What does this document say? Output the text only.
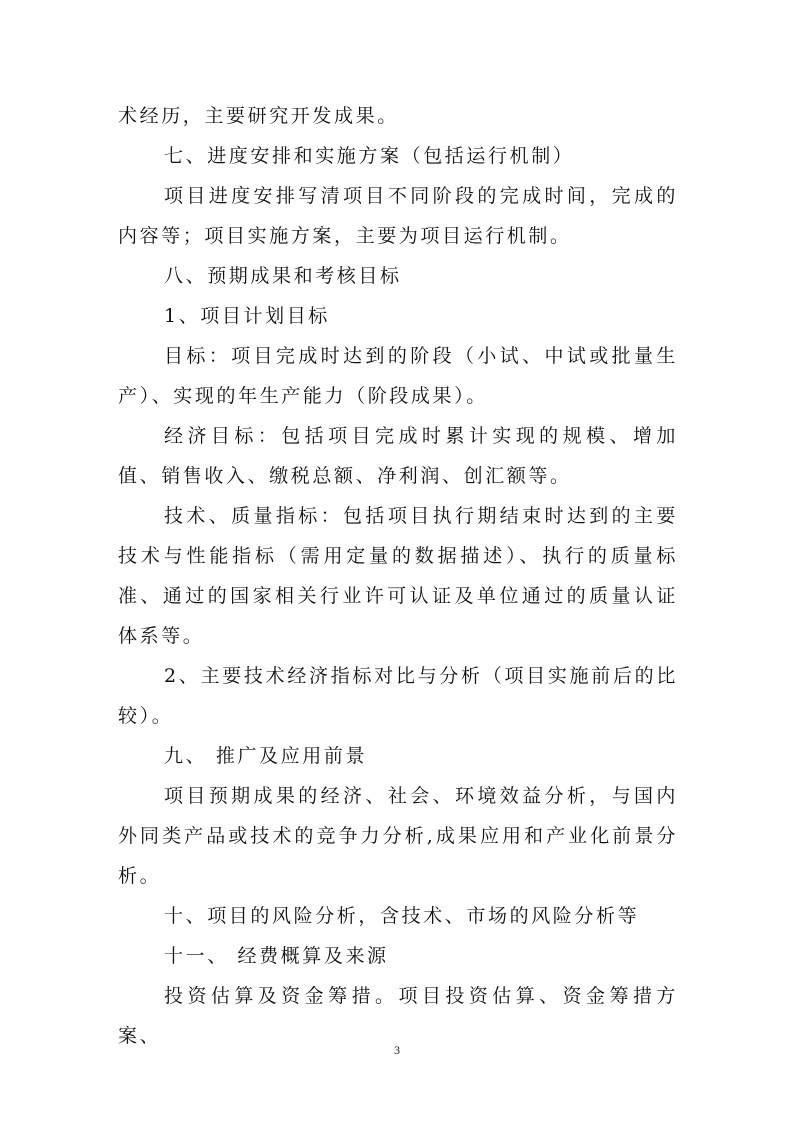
术经历，主要研究开发成果。

七、进度安排和实施方案（包括运行机制）

项目进度安排写清项目不同阶段的完成时间，完成的内容等；项目实施方案，主要为项目运行机制。

八、预期成果和考核目标

1、项目计划目标

目标：项目完成时达到的阶段（小试、中试或批量生产）、实现的年生产能力（阶段成果）。

经济目标：包括项目完成时累计实现的规模、增加值、销售收入、缴税总额、净利润、创汇额等。

技术、质量指标：包括项目执行期结束时达到的主要技术与性能指标（需用定量的数据描述）、执行的质量标准、通过的国家相关行业许可认证及单位通过的质量认证体系等。

2、主要技术经济指标对比与分析（项目实施前后的比较）。

九、 推广及应用前景

项目预期成果的经济、社会、环境效益分析，与国内外同类产品或技术的竞争力分析,成果应用和产业化前景分析。

十、项目的风险分析，含技术、市场的风险分析等

十一、 经费概算及来源

投资估算及资金筹措。项目投资估算、资金筹措方案、

3
